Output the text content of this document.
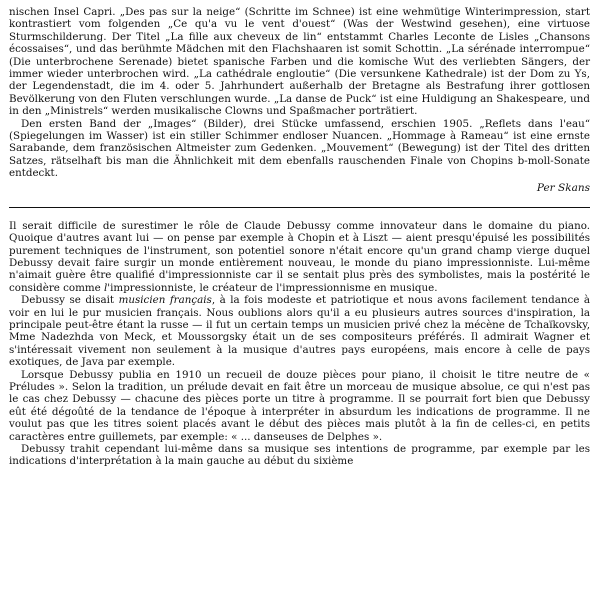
nischen Insel Capri. „Des pas sur la neige“ (Schritte im Schnee) ist eine wehmütige Winterimpression, start kontrastiert vom folgenden „Ce qu'a vu le vent d'ouest“ (Was der Westwind gesehen), eine virtuose Sturmschilderung. Der Titel „La fille aux cheveux de lin“ entstammt Charles Leconte de Lisles „Chansons écossaises“, und das berühmte Mädchen mit den Flachshaaren ist somit Schottin. „La sérénade interrompue“ (Die unterbrochene Serenade) bietet spanische Farben und die komische Wut des verliebten Sängers, der immer wieder unterbrochen wird. „La cathédrale engloutie“ (Die versunkene Kathedrale) ist der Dom zu Ys, der Legendenstadt, die im 4. oder 5. Jahrhundert außerhalb der Bretagne als Bestrafung ihrer gottlosen Bevölkerung von den Fluten verschlungen wurde. „La danse de Puck“ ist eine Huldigung an Shakespeare, und in den „Ministrels“ werden musikalische Clowns und Spaßmacher porträtiert.

Den ersten Band der „Images“ (Bilder), drei Stücke umfassend, erschien 1905. „Reflets dans l'eau“ (Spiegelungen im Wasser) ist ein stiller Schimmer endloser Nuancen. „Hommage à Rameau“ ist eine ernste Sarabande, dem französischen Altmeister zum Gedenken. „Mouvement“ (Bewegung) ist der Titel des dritten Satzes, rätselhaft bis man die Ähnlichkeit mit dem ebenfalls rauschenden Finale von Chopins b-moll-Sonate entdeckt.

Per Skans

Il serait difficile de surestimer le rôle de Claude Debussy comme innovateur dans le domaine du piano. Quoique d'autres avant lui — on pense par exemple à Chopin et à Liszt — aient presqu'épuisé les possibilités purement techniques de l'instrument, son potentiel sonore n'était encore qu'un grand champ vierge duquel Debussy devait faire surgir un monde entièrement nouveau, le monde du piano impressionniste. Lui-même n'aimait guère être qualifié d'impressionniste car il se sentait plus près des symbolistes, mais la postérité le considère comme l'impressionniste, le créateur de l'impressionnisme en musique.

Debussy se disait musicien français, à la fois modeste et patriotique et nous avons facilement tendance à voir en lui le pur musicien français. Nous oublions alors qu'il a eu plusieurs autres sources d'inspiration, la principale peut-être étant la russe — il fut un certain temps un musicien privé chez la mécène de Tchaïkovsky, Mme Nadezhda von Meck, et Moussorgsky était un de ses compositeurs préférés. Il admirait Wagner et s'intéressait vivement non seulement à la musique d'autres pays européens, mais encore à celle de pays exotiques, de Java par exemple.

Lorsque Debussy publia en 1910 un recueil de douze pièces pour piano, il choisit le titre neutre de « Préludes ». Selon la tradition, un prélude devait en fait être un morceau de musique absolue, ce qui n'est pas le cas chez Debussy — chacune des pièces porte un titre à programme. Il se pourrait fort bien que Debussy eût été dégoûté de la tendance de l'époque à interpréter in absurdum les indications de programme. Il ne voulut pas que les titres soient placés avant le début des pièces mais plutôt à la fin de celles-ci, en petits caractères entre guillemets, par exemple: « ... danseuses de Delphes ».

Debussy trahit cependant lui-même dans sa musique ses intentions de programme, par exemple par les indications d'interprétation à la main gauche au début du sixième
